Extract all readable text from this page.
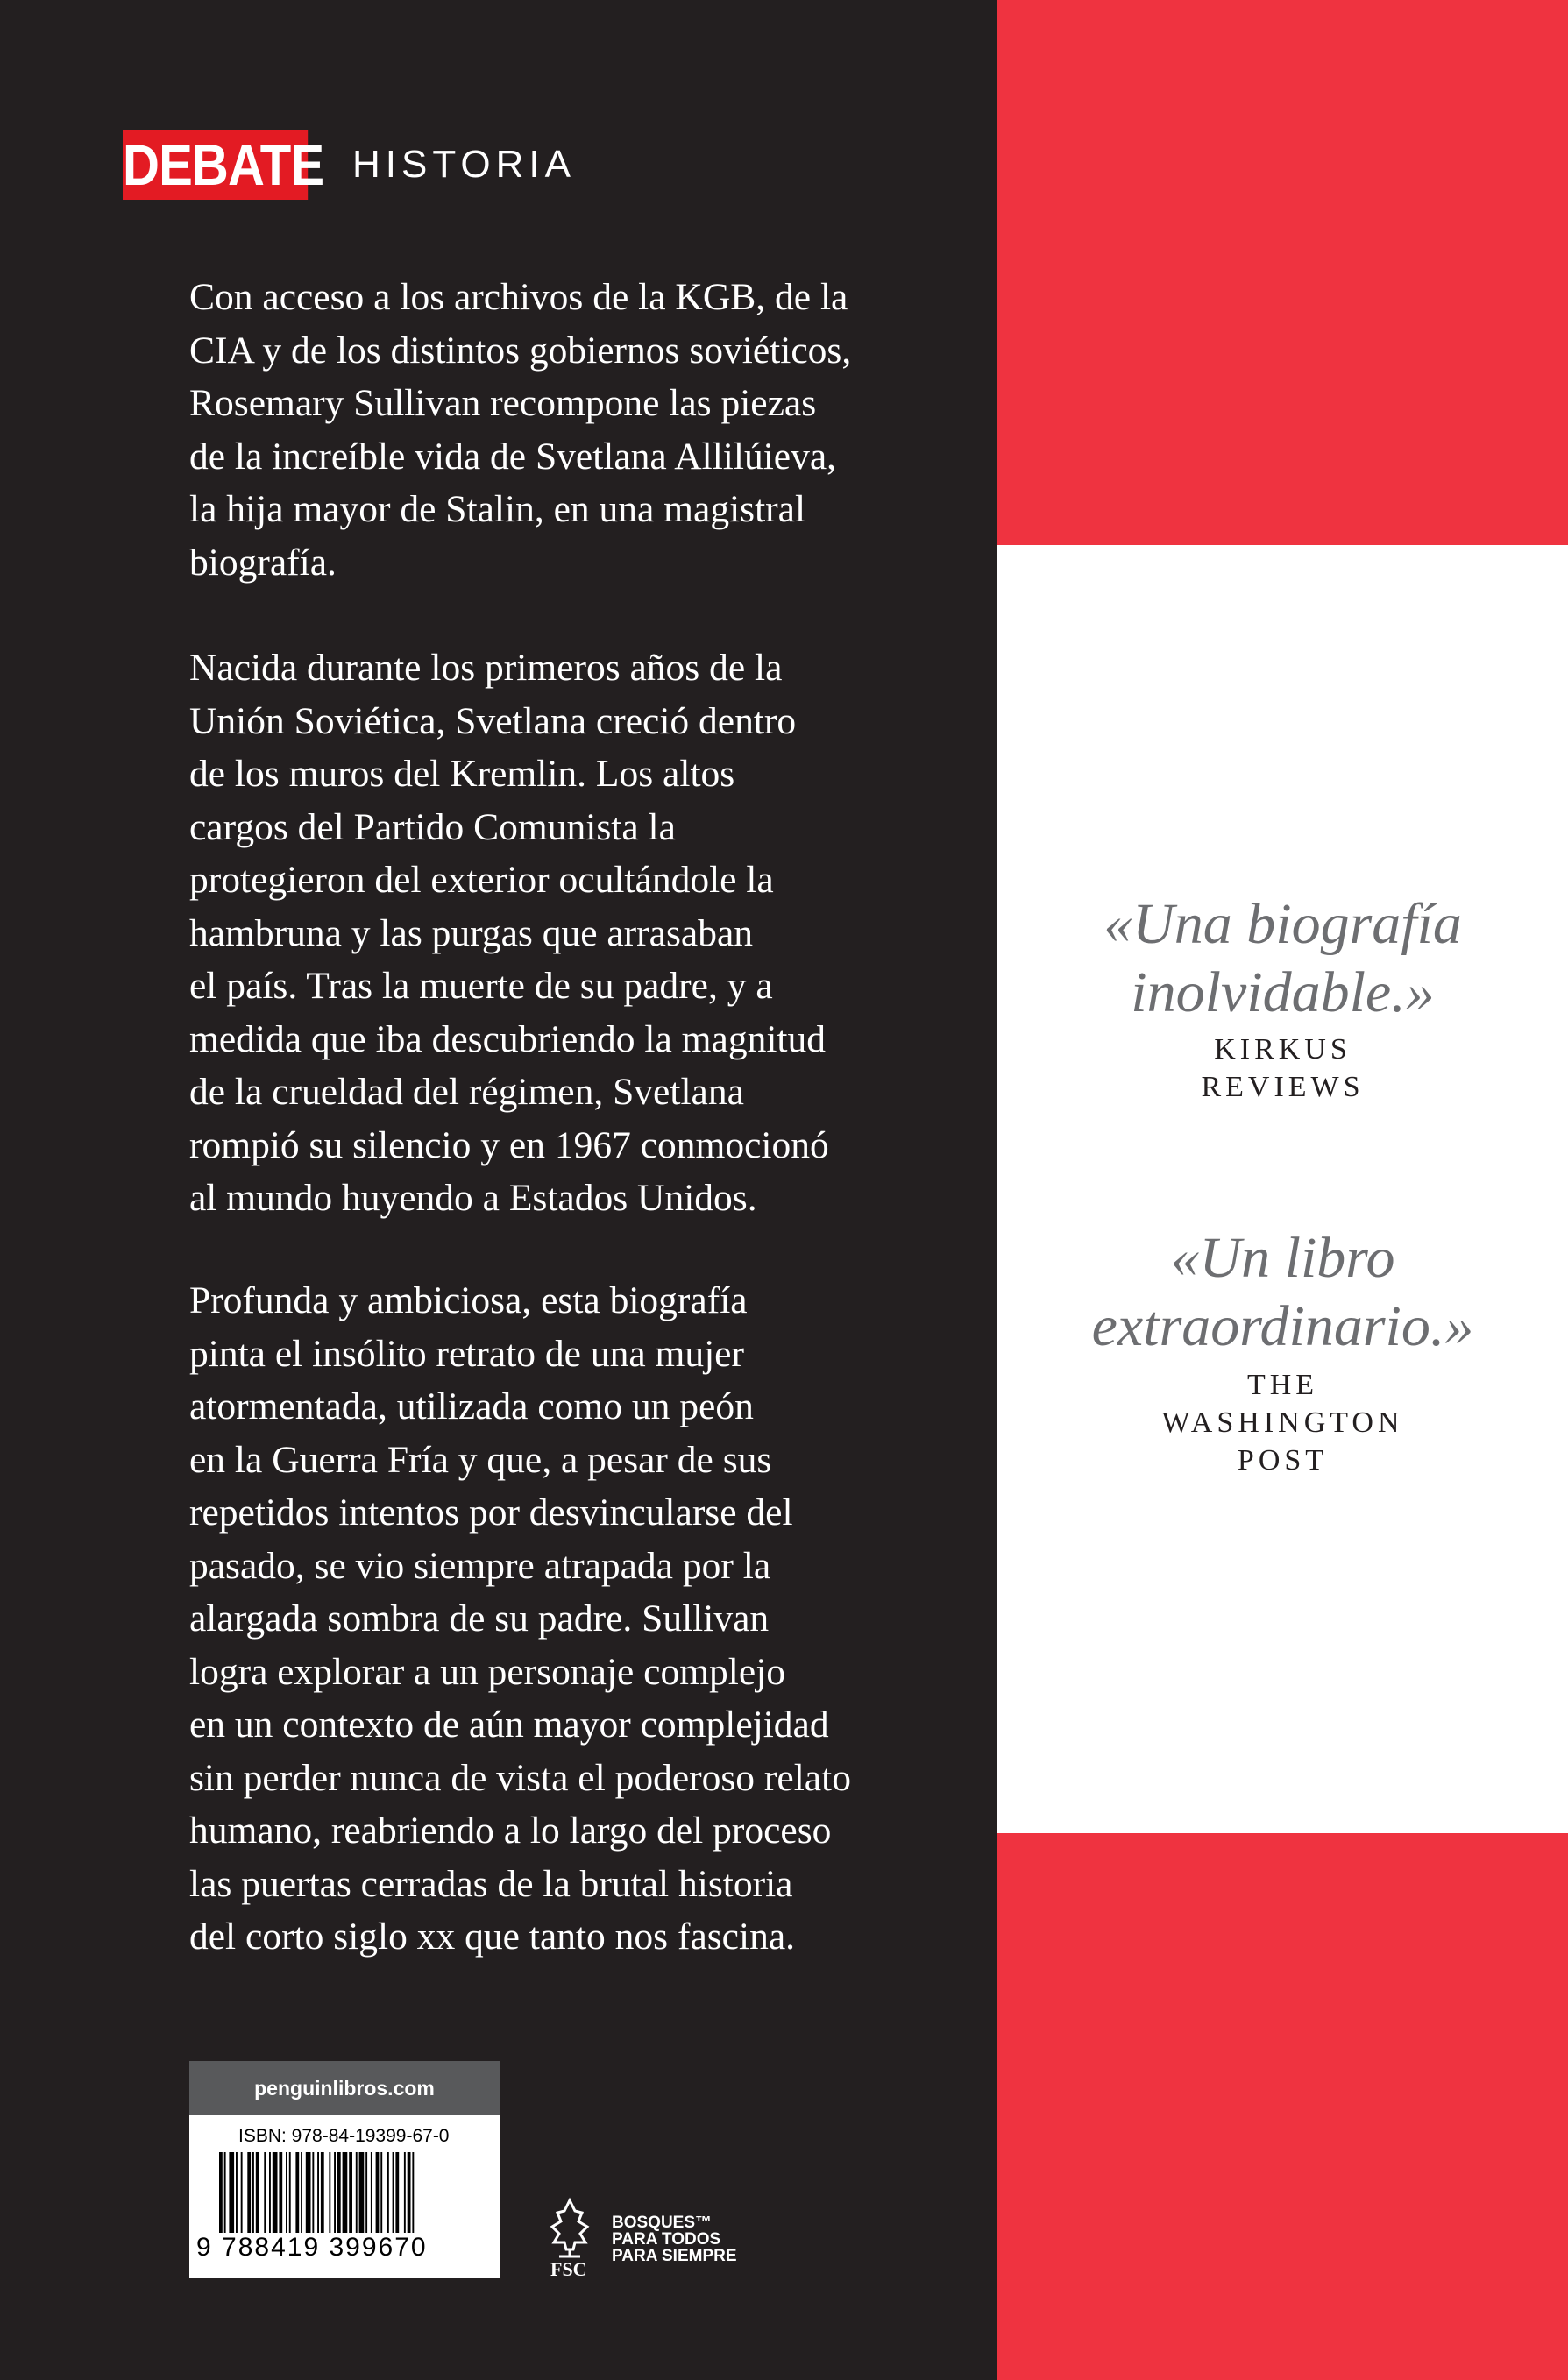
DEBATE HISTORIA

Con acceso a los archivos de la KGB, de la
CIA y de los distintos gobiernos soviéticos,
Rosemary Sullivan recompone las piezas
de la increíble vida de Svetlana Allilúieva,
la hija mayor de Stalin, en una magistral
biografía.

Nacida durante los primeros años de la
Unión Soviética, Svetlana creció dentro
de los muros del Kremlin. Los altos
cargos del Partido Comunista la
protegieron del exterior ocultándole la
hambruna y las purgas que arrasaban
el país. Tras la muerte de su padre, y a
medida que iba descubriendo la magnitud
de la crueldad del régimen, Svetlana
rompió su silencio y en 1967 conmocionó
al mundo huyendo a Estados Unidos.

Profunda y ambiciosa, esta biografía
pinta el insólito retrato de una mujer
atormentada, utilizada como un peón
en la Guerra Fría y que, a pesar de sus
repetidos intentos por desvincularse del
pasado, se vio siempre atrapada por la
alargada sombra de su padre. Sullivan
logra explorar a un personaje complejo
en un contexto de aún mayor complejidad
sin perder nunca de vista el poderoso relato
humano, reabriendo a lo largo del proceso
las puertas cerradas de la brutal historia
del corto siglo xx que tanto nos fascina.

«Una biografía
inolvidable.»
KIRKUS
REVIEWS
«Un libro
extraordinario.»
THE
WASHINGTON
POST
penguinlibros.com
ISBN: 978-84-19399-67-0
9 788419 399670
FSC
BOSQUES™
PARA TODOS
PARA SIEMPRE
